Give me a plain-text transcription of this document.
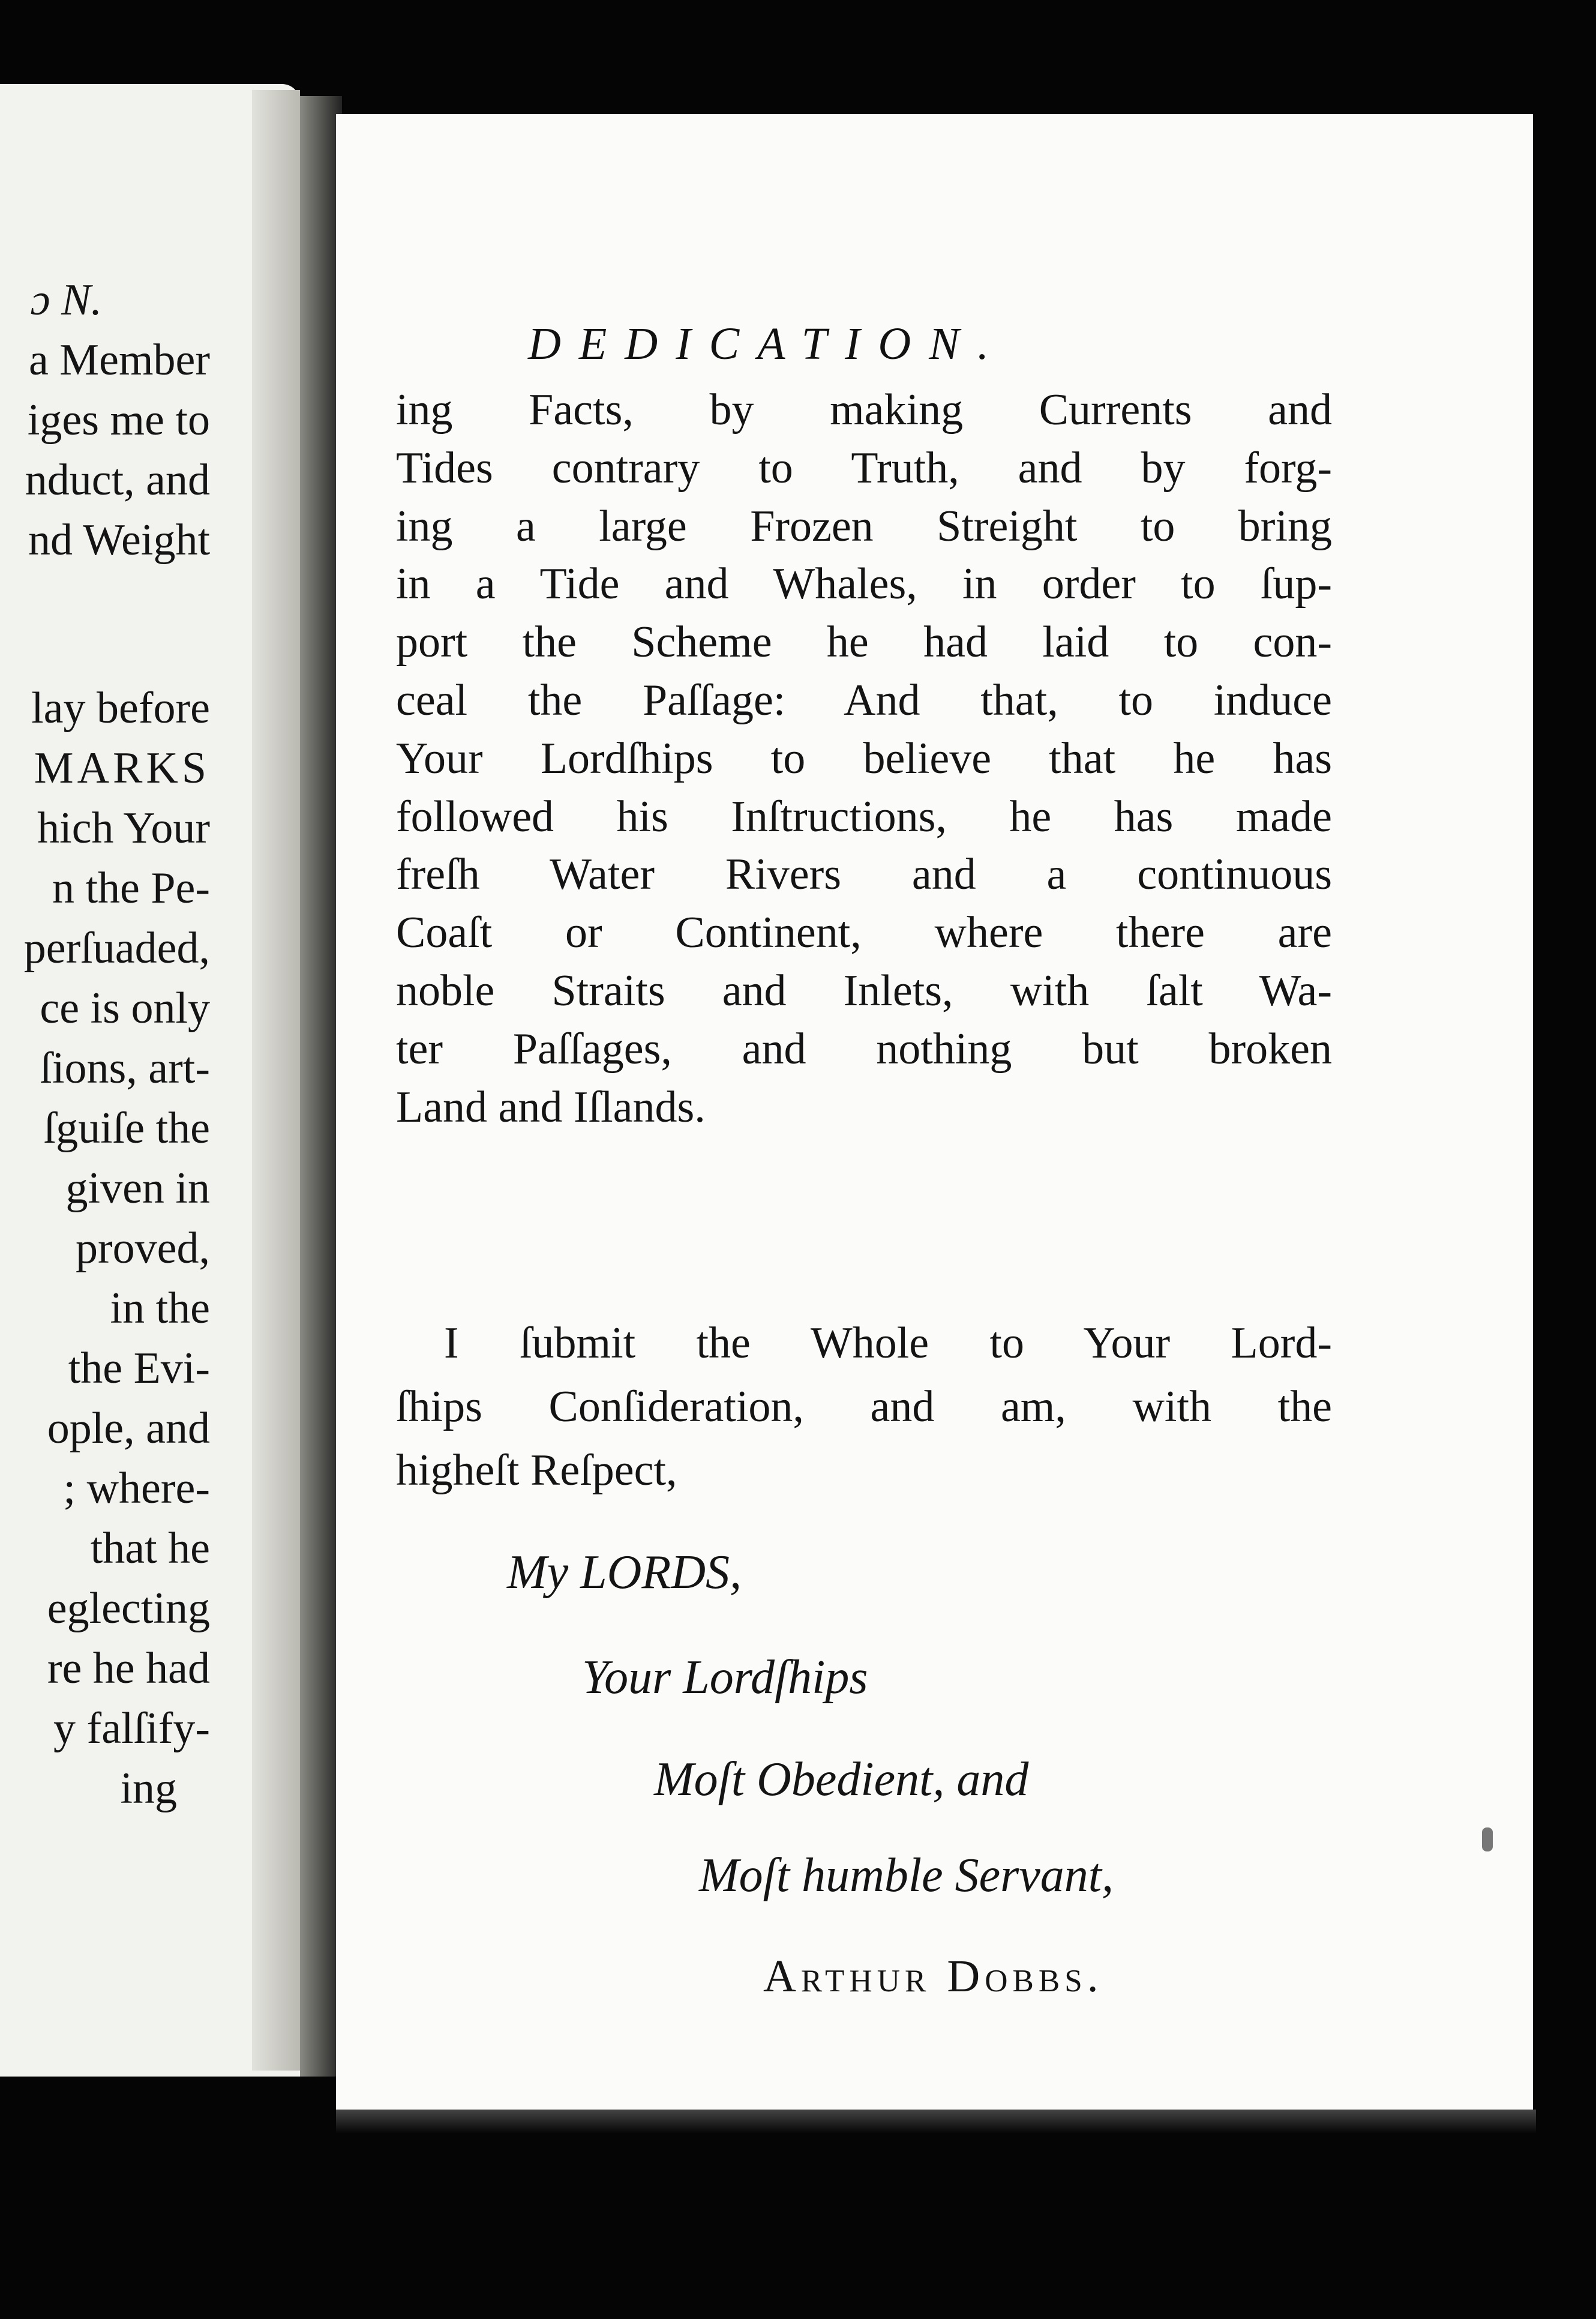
ɔ N.
a Member
iges me to
nduct, and
nd Weight
lay before
MARKS
hich Your
n the Pe-
perſuaded,
ce is only
ſions, art-
ſguiſe the
given in
proved,
in the
the Evi-
ople, and
; where-
that he
eglecting
re he had
y falſify-
ing
DEDICATION.
ing Facts, by making Currents and
Tides contrary to Truth, and by forg-
ing a large Frozen Streight to bring
in a Tide and Whales, in order to ſup-
port the Scheme he had laid to con-
ceal the Paſſage: And that, to induce
Your Lordſhips to believe that he has
followed his Inſtructions, he has made
freſh Water Rivers and a continuous
Coaſt or Continent, where there are
noble Straits and Inlets, with ſalt Wa-
ter Paſſages, and nothing but broken
Land and Iſlands.
I ſubmit the Whole to Your Lord-
ſhips Conſideration, and am, with the
higheſt Reſpect,
My LORDS,
Your Lordſhips
Moſt Obedient, and
Moſt humble Servant,
Arthur Dobbs.
